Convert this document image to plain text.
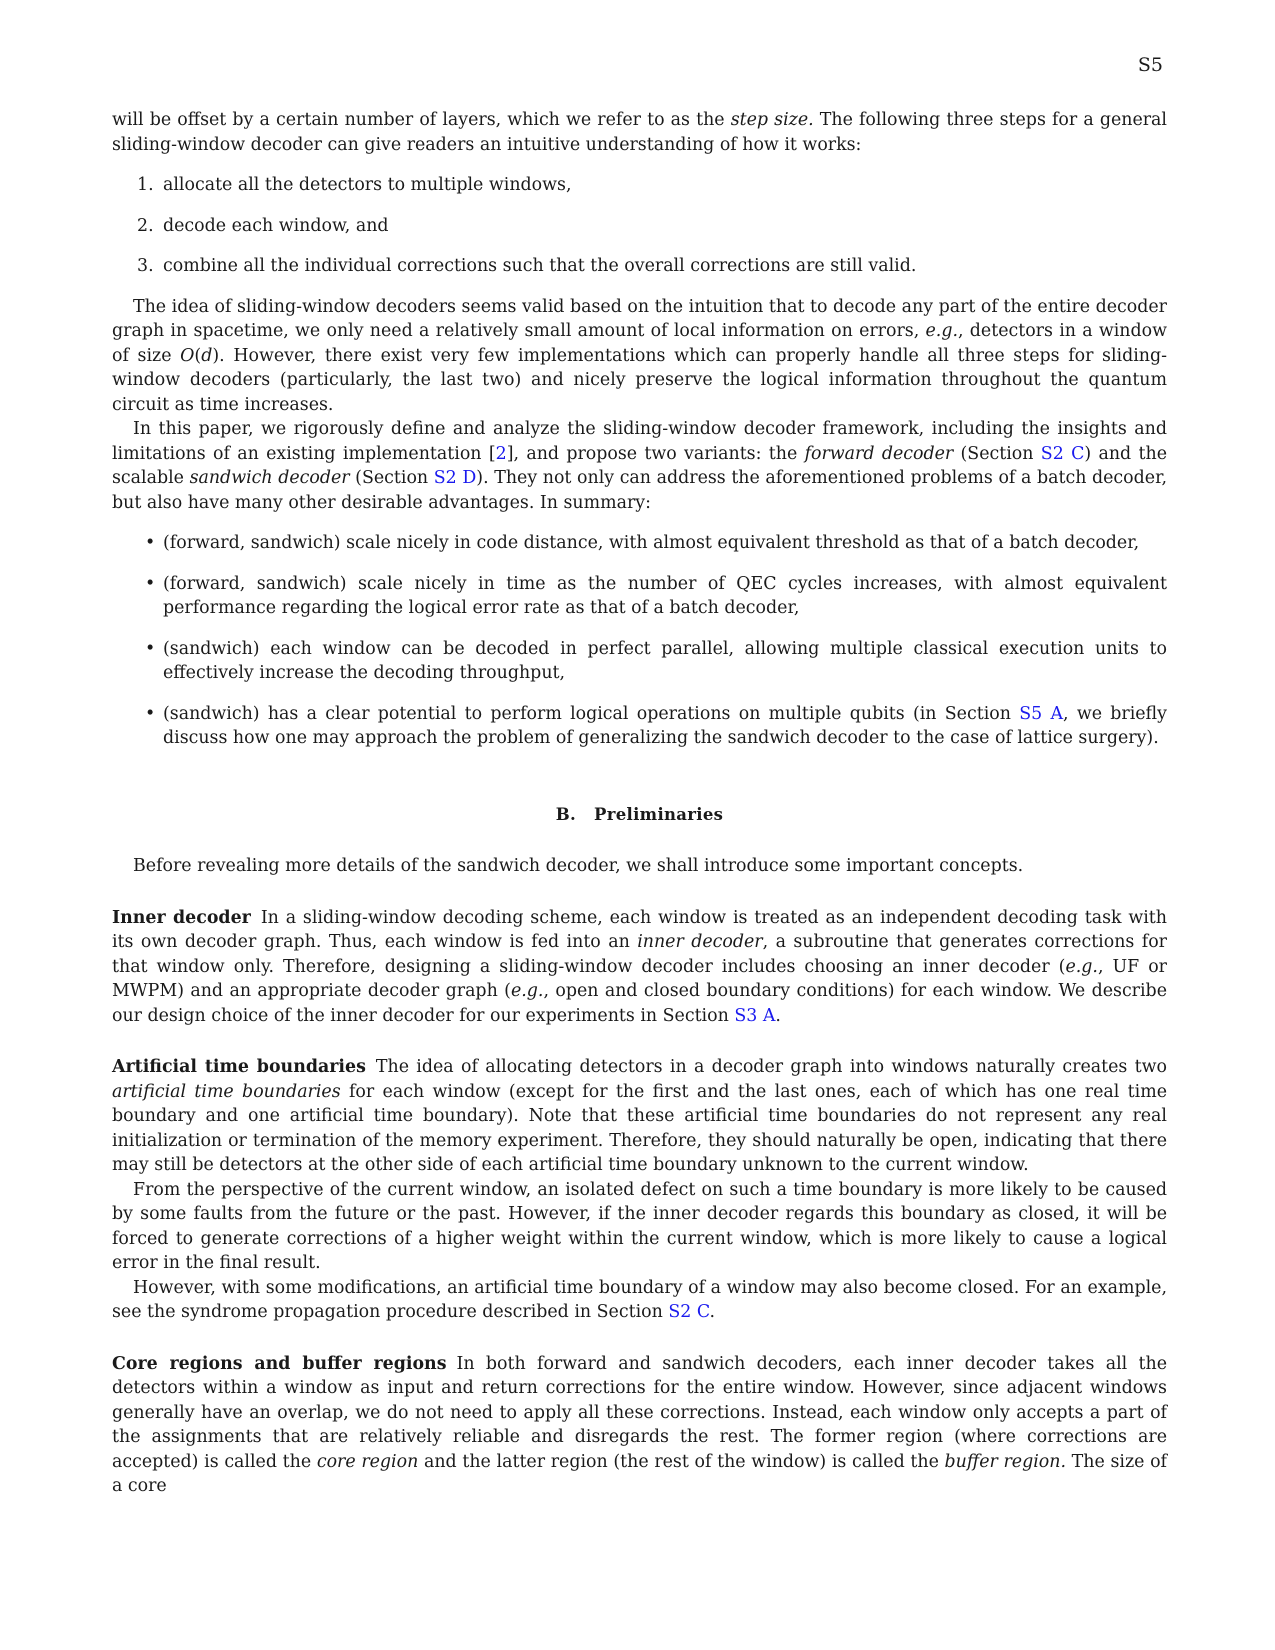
S5

will be offset by a certain number of layers, which we refer to as the step size. The following three steps for a general sliding-window decoder can give readers an intuitive understanding of how it works:

1. allocate all the detectors to multiple windows,
2. decode each window, and
3. combine all the individual corrections such that the overall corrections are still valid.

The idea of sliding-window decoders seems valid based on the intuition that to decode any part of the entire decoder graph in spacetime, we only need a relatively small amount of local information on errors, e.g., detectors in a window of size O(d). However, there exist very few implementations which can properly handle all three steps for sliding-window decoders (particularly, the last two) and nicely preserve the logical information throughout the quantum circuit as time increases.

In this paper, we rigorously define and analyze the sliding-window decoder framework, including the insights and limitations of an existing implementation [2], and propose two variants: the forward decoder (Section S2 C) and the scalable sandwich decoder (Section S2 D). They not only can address the aforementioned problems of a batch decoder, but also have many other desirable advantages. In summary:

• (forward, sandwich) scale nicely in code distance, with almost equivalent threshold as that of a batch decoder,
• (forward, sandwich) scale nicely in time as the number of QEC cycles increases, with almost equivalent performance regarding the logical error rate as that of a batch decoder,
• (sandwich) each window can be decoded in perfect parallel, allowing multiple classical execution units to effectively increase the decoding throughput,
• (sandwich) has a clear potential to perform logical operations on multiple qubits (in Section S5 A, we briefly discuss how one may approach the problem of generalizing the sandwich decoder to the case of lattice surgery).
B. Preliminaries

Before revealing more details of the sandwich decoder, we shall introduce some important concepts.

Inner decoder In a sliding-window decoding scheme, each window is treated as an independent decoding task with its own decoder graph. Thus, each window is fed into an inner decoder, a subroutine that generates corrections for that window only. Therefore, designing a sliding-window decoder includes choosing an inner decoder (e.g., UF or MWPM) and an appropriate decoder graph (e.g., open and closed boundary conditions) for each window. We describe our design choice of the inner decoder for our experiments in Section S3 A.

Artificial time boundaries The idea of allocating detectors in a decoder graph into windows naturally creates two artificial time boundaries for each window (except for the first and the last ones, each of which has one real time boundary and one artificial time boundary). Note that these artificial time boundaries do not represent any real initialization or termination of the memory experiment. Therefore, they should naturally be open, indicating that there may still be detectors at the other side of each artificial time boundary unknown to the current window.

From the perspective of the current window, an isolated defect on such a time boundary is more likely to be caused by some faults from the future or the past. However, if the inner decoder regards this boundary as closed, it will be forced to generate corrections of a higher weight within the current window, which is more likely to cause a logical error in the final result.

However, with some modifications, an artificial time boundary of a window may also become closed. For an example, see the syndrome propagation procedure described in Section S2 C.

Core regions and buffer regions In both forward and sandwich decoders, each inner decoder takes all the detectors within a window as input and return corrections for the entire window. However, since adjacent windows generally have an overlap, we do not need to apply all these corrections. Instead, each window only accepts a part of the assignments that are relatively reliable and disregards the rest. The former region (where corrections are accepted) is called the core region and the latter region (the rest of the window) is called the buffer region. The size of a core
